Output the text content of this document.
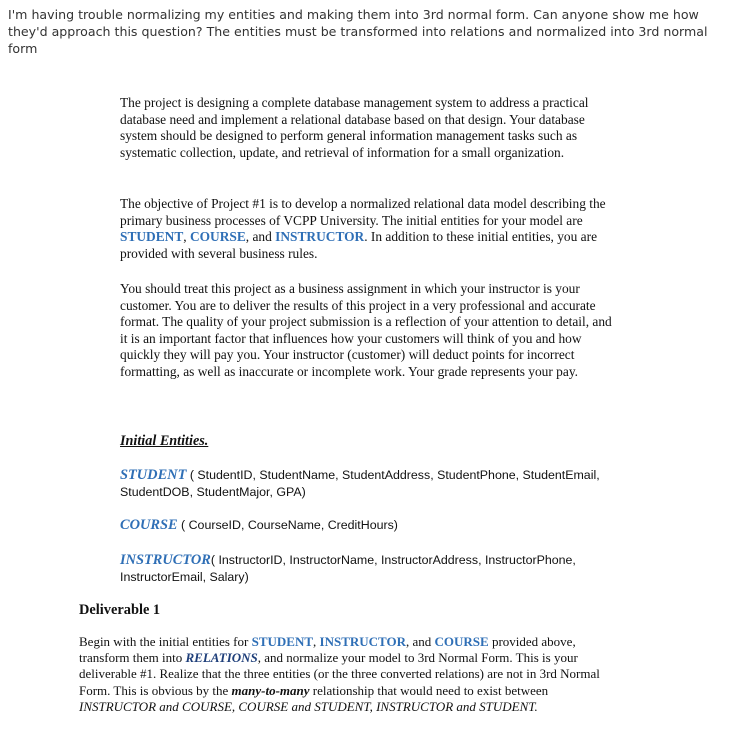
I'm having trouble normalizing my entities and making them into 3rd normal form. Can anyone show me how they'd approach this question? The entities must be transformed into relations and normalized into 3rd normal form

The project is designing a complete database management system to address a practical database need and implement a relational database based on that design. Your database system should be designed to perform general information management tasks such as systematic collection, update, and retrieval of information for a small organization.

The objective of Project #1 is to develop a normalized relational data model describing the primary business processes of VCPP University. The initial entities for your model are STUDENT, COURSE, and INSTRUCTOR. In addition to these initial entities, you are provided with several business rules.

You should treat this project as a business assignment in which your instructor is your customer. You are to deliver the results of this project in a very professional and accurate format. The quality of your project submission is a reflection of your attention to detail, and it is an important factor that influences how your customers will think of you and how quickly they will pay you. Your instructor (customer) will deduct points for incorrect formatting, as well as inaccurate or incomplete work. Your grade represents your pay.

Initial Entities.

STUDENT ( StudentID, StudentName, StudentAddress, StudentPhone, StudentEmail, StudentDOB, StudentMajor, GPA)

COURSE ( CourseID, CourseName, CreditHours)

INSTRUCTOR( InstructorID, InstructorName, InstructorAddress, InstructorPhone, InstructorEmail, Salary)

Deliverable 1

Begin with the initial entities for STUDENT, INSTRUCTOR, and COURSE provided above, transform them into RELATIONS, and normalize your model to 3rd Normal Form. This is your deliverable #1. Realize that the three entities (or the three converted relations) are not in 3rd Normal Form. This is obvious by the many-to-many relationship that would need to exist between INSTRUCTOR and COURSE, COURSE and STUDENT, INSTRUCTOR and STUDENT.
